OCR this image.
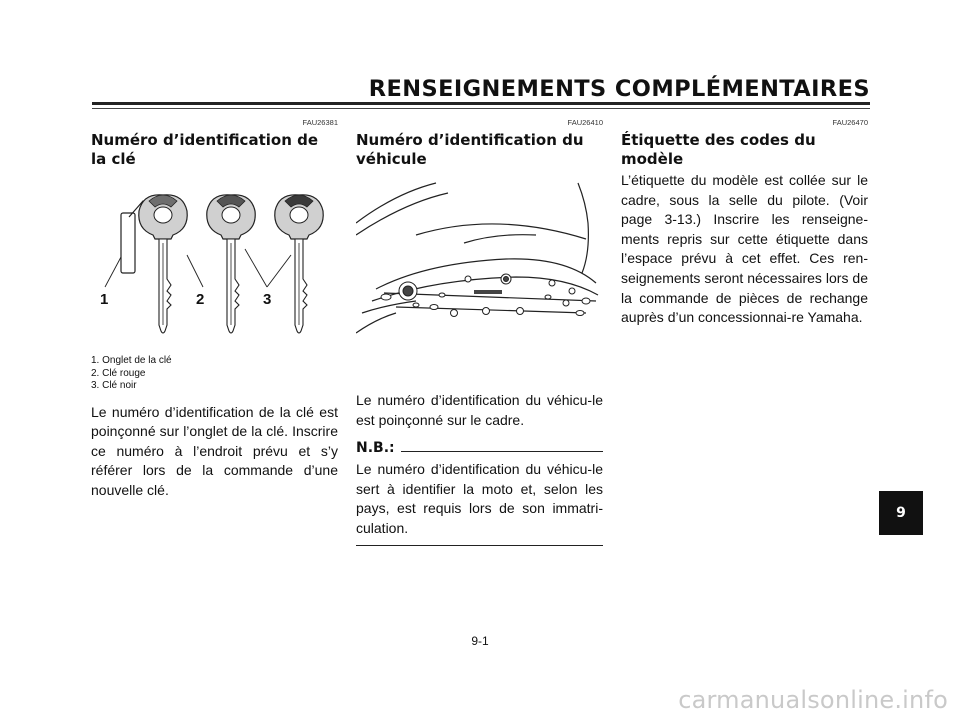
RENSEIGNEMENTS COMPLÉMENTAIRES
FAU26381
Numéro d’identification de la clé
1	2	3
1. Onglet de la clé
2. Clé rouge
3. Clé noir

Le numéro d’identification de la clé est poinçonné sur l’onglet de la clé. Inscrire ce numéro à l’endroit prévu et s’y référer lors de la commande d’une nouvelle clé.

FAU26410
Numéro d’identification du véhicule

Le numéro d’identification du véhicu-le est poinçonné sur le cadre.

N.B.:

Le numéro d’identification du véhicu-le sert à identifier la moto et, selon les pays, est requis lors de son immatri-culation.

FAU26470
Étiquette des codes du modèle

L’étiquette du modèle est collée sur le cadre, sous la selle du pilote. (Voir page 3-13.) Inscrire les renseigne-ments repris sur cette étiquette dans l’espace prévu à cet effet. Ces ren-seignements seront nécessaires lors de la commande de pièces de rechange auprès d’un concessionnai-re Yamaha.

9
9-1
carmanualsonline.info
